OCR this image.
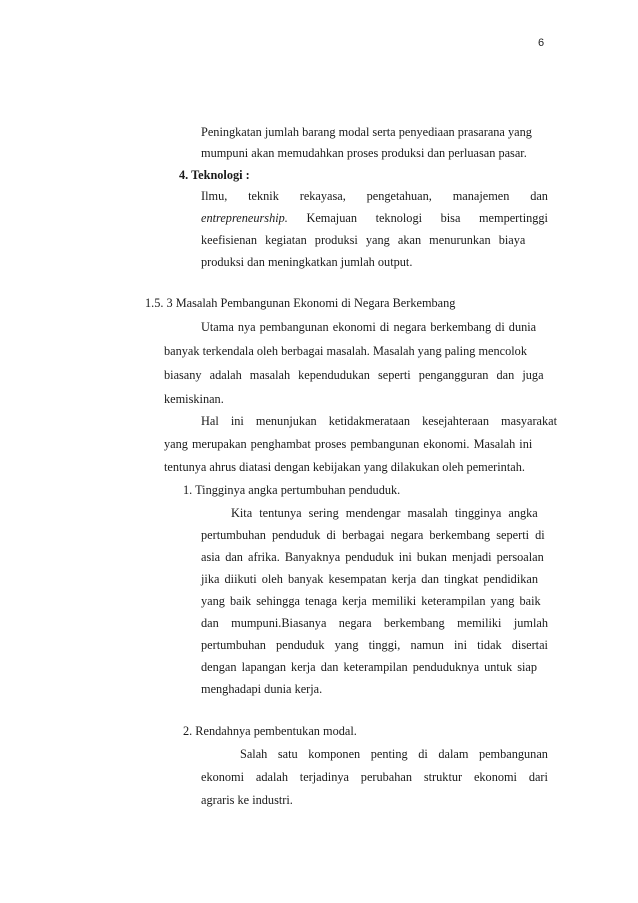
6
Peningkatan jumlah barang modal serta penyediaan prasarana yang
mumpuni akan memudahkan proses produksi dan perluasan pasar.
4. Teknologi :
Ilmu, teknik rekayasa, pengetahuan, manajemen dan
entrepreneurship. Kemajuan teknologi bisa mempertinggi
keefisienan kegiatan produksi yang akan menurunkan biaya
produksi dan meningkatkan jumlah output.
1.5. 3 Masalah Pembangunan Ekonomi di Negara Berkembang
Utama nya pembangunan ekonomi di negara berkembang di dunia
banyak terkendala oleh berbagai masalah. Masalah yang paling mencolok
biasany adalah masalah kependudukan seperti pengangguran dan juga
kemiskinan.
Hal ini menunjukan ketidakmerataan kesejahteraan masyarakat
yang merupakan penghambat proses pembangunan ekonomi. Masalah ini
tentunya ahrus diatasi dengan kebijakan yang dilakukan oleh pemerintah.
1. Tingginya angka pertumbuhan penduduk.
Kita tentunya sering mendengar masalah tingginya angka
pertumbuhan penduduk di berbagai negara berkembang seperti di
asia dan afrika. Banyaknya penduduk ini bukan menjadi persoalan
jika diikuti oleh banyak kesempatan kerja dan tingkat pendidikan
yang baik sehingga tenaga kerja memiliki keterampilan yang baik
dan mumpuni.Biasanya negara berkembang memiliki jumlah
pertumbuhan penduduk yang tinggi, namun ini tidak disertai
dengan lapangan kerja dan keterampilan penduduknya untuk siap
menghadapi dunia kerja.
2. Rendahnya pembentukan modal.
Salah satu komponen penting di dalam pembangunan
ekonomi adalah terjadinya perubahan struktur ekonomi dari
agraris ke industri.
